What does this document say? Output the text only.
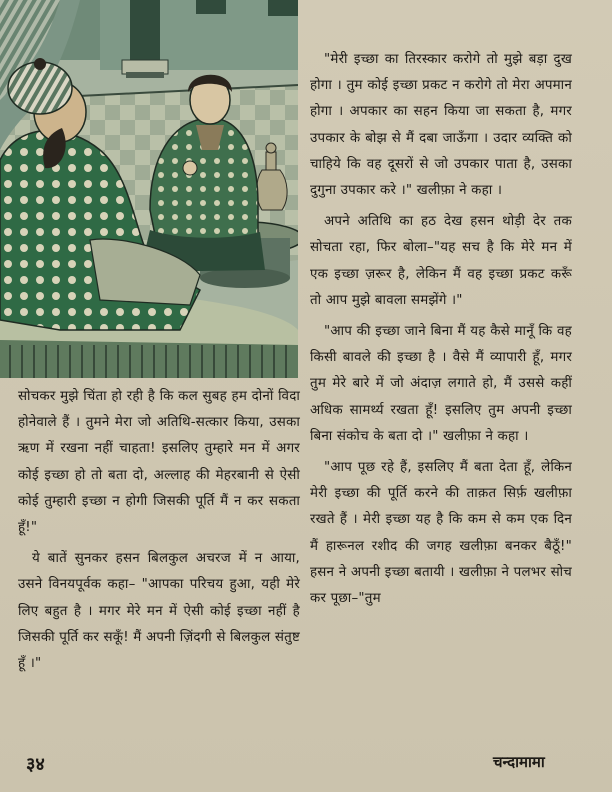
सोचकर मुझे चिंता हो रही है कि कल सुबह हम दोनों विदा होनेवाले हैं । तुमने मेरा जो अतिथि-सत्कार किया, उसका ऋण में रखना नहीं चाहता! इसलिए तुम्हारे मन में अगर कोई इच्छा हो तो बता दो, अल्लाह की मेहरबानी से ऐसी कोई तुम्हारी इच्छा न होगी जिसकी पूर्ति मैं न कर सकता हूँ!"

ये बातें सुनकर हसन बिलकुल अचरज में न आया, उसने विनयपूर्वक कहा– "आपका परिचय हुआ, यही मेरे लिए बहुत है । मगर मेरे मन में ऐसी कोई इच्छा नहीं है जिसकी पूर्ति कर सकूँ! मैं अपनी ज़िंदगी से बिलकुल संतुष्ट हूँ ।"

"मेरी इच्छा का तिरस्कार करोगे तो मुझे बड़ा दुख होगा । तुम कोई इच्छा प्रकट न करोगे तो मेरा अपमान होगा । अपकार का सहन किया जा सकता है, मगर उपकार के बोझ से मैं दबा जाऊँगा । उदार व्यक्ति को चाहिये कि वह दूसरों से जो उपकार पाता है, उसका दुगुना उपकार करे ।" खलीफ़ा ने कहा ।

अपने अतिथि का हठ देख हसन थोड़ी देर तक सोचता रहा, फिर बोला–"यह सच है कि मेरे मन में एक इच्छा ज़रूर है, लेकिन मैं वह इच्छा प्रकट करूँ तो आप मुझे बावला समझेंगे ।"

"आप की इच्छा जाने बिना मैं यह कैसे मानूँ कि वह किसी बावले की इच्छा है । वैसे मैं व्यापारी हूँ, मगर तुम मेरे बारे में जो अंदाज़ लगाते हो, मैं उससे कहीं अधिक सामर्थ्य रखता हूँ! इसलिए तुम अपनी इच्छा बिना संकोच के बता दो ।" खलीफ़ा ने कहा ।

"आप पूछ रहे हैं, इसलिए मैं बता देता हूँ, लेकिन मेरी इच्छा की पूर्ति करने की ताक़त सिर्फ़ खलीफ़ा रखते हैं । मेरी इच्छा यह है कि कम से कम एक दिन मैं हारूनल रशीद की जगह खलीफ़ा बनकर बैठूँ!" हसन ने अपनी इच्छा बतायी । खलीफ़ा ने पलभर सोच कर पूछा–"तुम

३४	चन्दामामा
